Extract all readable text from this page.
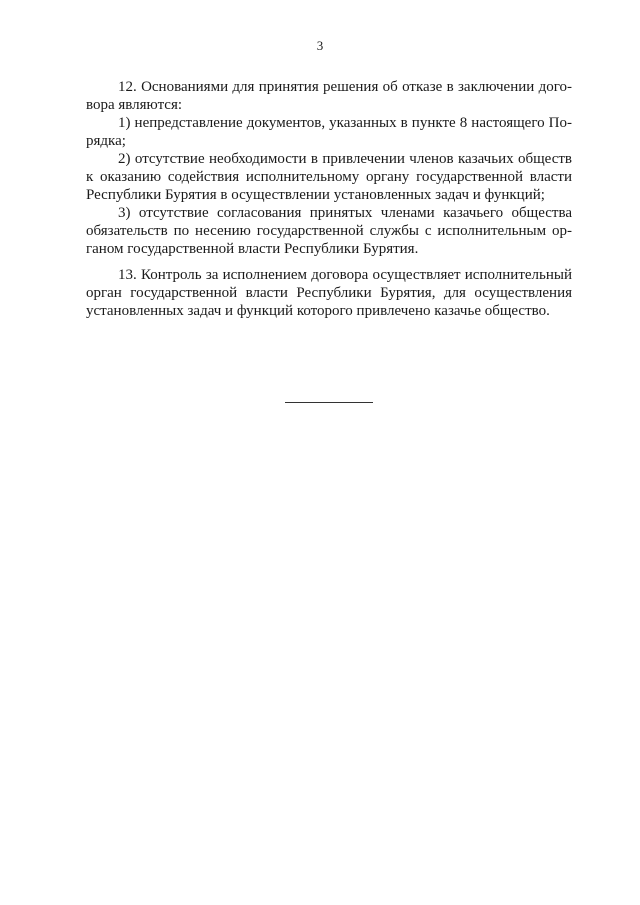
3
12. Основаниями для принятия решения об отказе в заключении дого-
вора являются:
1) непредставление документов, указанных в пункте 8 настоящего По-
рядка;
2) отсутствие необходимости в привлечении членов казачьих обществ
к оказанию содействия исполнительному органу государственной власти
Республики Бурятия в осуществлении установленных задач и функций;
3) отсутствие согласования принятых членами казачьего общества
обязательств по несению государственной службы с исполнительным ор-
ганом государственной власти Республики Бурятия.
13. Контроль за исполнением договора осуществляет исполнительный
орган государственной власти Республики Бурятия, для осуществления
установленных задач и функций которого привлечено казачье общество.
